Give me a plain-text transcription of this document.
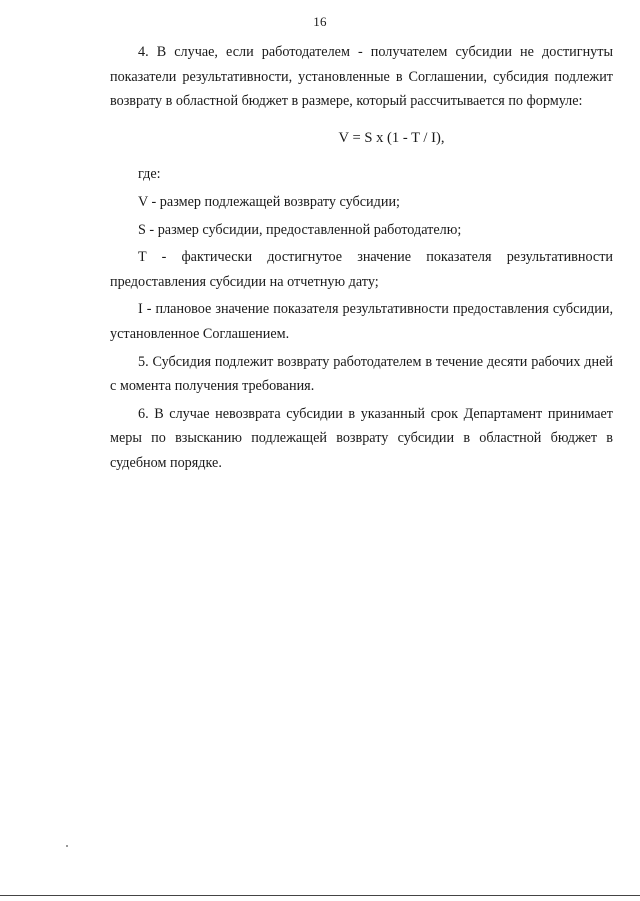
16

4. В случае, если работодателем - получателем субсидии не достигнуты показатели результативности, установленные в Соглашении, субсидия подлежит возврату в областной бюджет в размере, который рассчитывается по формуле:

V = S x (1 - T / I),

где:

V - размер подлежащей возврату субсидии;

S - размер субсидии, предоставленной работодателю;

T - фактически достигнутое значение показателя результативности предоставления субсидии на отчетную дату;

I - плановое значение показателя результативности предоставления субсидии, установленное Соглашением.

5. Субсидия подлежит возврату работодателем в течение десяти рабочих дней с момента получения требования.

6. В случае невозврата субсидии в указанный срок Департамент принимает меры по взысканию подлежащей возврату субсидии в областной бюджет в судебном порядке.
